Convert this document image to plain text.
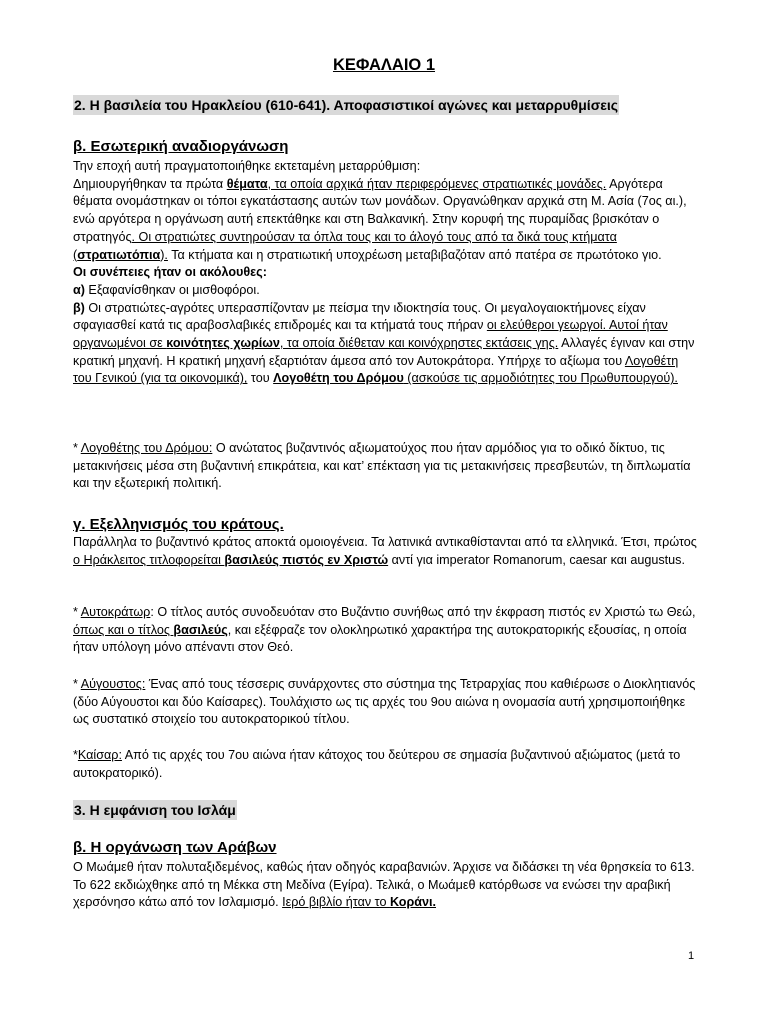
ΚΕΦΑΛΑΙΟ 1
2. Η βασιλεία του Ηρακλείου (610-641). Αποφασιστικοί αγώνες και μεταρρυθμίσεις
β. Εσωτερική αναδιοργάνωση
Την εποχή αυτή πραγματοποιήθηκε εκτεταμένη μεταρρύθμιση:
Δημιουργήθηκαν τα πρώτα θέματα, τα οποία αρχικά ήταν περιφερόμενες στρατιωτικές μονάδες. Αργότερα θέματα ονομάστηκαν οι τόποι εγκατάστασης αυτών των μονάδων. Οργανώθηκαν αρχικά στη Μ. Ασία (7ος αι.), ενώ αργότερα η οργάνωση αυτή επεκτάθηκε και στη Βαλκανική. Στην κορυφή της πυραμίδας βρισκόταν ο στρατηγός. Οι στρατιώτες συντηρούσαν τα όπλα τους και το άλογό τους από τα δικά τους κτήματα (στρατιωτόπια). Τα κτήματα και η στρατιωτική υποχρέωση μεταβιβαζόταν από πατέρα σε πρωτότοκο γιο.
Οι συνέπειες ήταν οι ακόλουθες:
α) Εξαφανίσθηκαν οι μισθοφόροι.
β) Οι στρατιώτες-αγρότες υπερασπίζονταν με πείσμα την ιδιοκτησία τους. Οι μεγαλογαιοκτήμονες είχαν σφαγιασθεί κατά τις αραβοσλαβικές επιδρομές και τα κτήματά τους πήραν οι ελεύθεροι γεωργοί. Αυτοί ήταν οργανωμένοι σε κοινότητες χωρίων, τα οποία διέθεταν και κοινόχρηστες εκτάσεις γης. Αλλαγές έγιναν και στην κρατική μηχανή. Η κρατική μηχανή εξαρτιόταν άμεσα από τον Αυτοκράτορα. Υπήρχε το αξίωμα του Λογοθέτη του Γενικού (για τα οικονομικά), του Λογοθέτη του Δρόμου (ασκούσε τις αρμοδιότητες του Πρωθυπουργού).
* Λογοθέτης του Δρόμου: Ο ανώτατος βυζαντινός αξιωματούχος που ήταν αρμόδιος για το οδικό δίκτυο, τις μετακινήσεις μέσα στη βυζαντινή επικράτεια, και κατ’ επέκταση για τις μετακινήσεις πρεσβευτών, τη διπλωματία και την εξωτερική πολιτική.
γ. Εξελληνισμός του κράτους.
Παράλληλα το βυζαντινό κράτος αποκτά ομοιογένεια. Τα λατινικά αντικαθίστανται από τα ελληνικά. Έτσι, πρώτος ο Ηράκλειτος τιτλοφορείται βασιλεύς πιστός εν Χριστώ αντί για imperator Romanorum, caesar και augustus.
* Αυτοκράτωρ: Ο τίτλος αυτός συνοδευόταν στο Βυζάντιο συνήθως από την έκφραση πιστός εν Χριστώ τω Θεώ, όπως και ο τίτλος βασιλεύς, και εξέφραζε τον ολοκληρωτικό χαρακτήρα της αυτοκρατορικής εξουσίας, η οποία ήταν υπόλογη μόνο απέναντι στον Θεό.
* Αύγουστος: Ένας από τους τέσσερις συνάρχοντες στο σύστημα της Τετραρχίας που καθιέρωσε ο Διοκλητιανός (δύο Αύγουστοι και δύο Καίσαρες). Τουλάχιστο ως τις αρχές του 9ου αιώνα η ονομασία αυτή χρησιμοποιήθηκε ως συστατικό στοιχείο του αυτοκρατορικού τίτλου.
*Καίσαρ: Από τις αρχές του 7ου αιώνα ήταν κάτοχος του δεύτερου σε σημασία βυζαντινού αξιώματος (μετά το αυτοκρατορικό).
3. Η εμφάνιση του Ισλάμ
β. Η οργάνωση των Αράβων
Ο Μωάμεθ ήταν πολυταξιδεμένος, καθώς ήταν οδηγός καραβανιών. Άρχισε να διδάσκει τη νέα θρησκεία το 613. Το 622 εκδιώχθηκε από τη Μέκκα στη Μεδίνα (Εγίρα). Τελικά, ο Μωάμεθ κατόρθωσε να ενώσει την αραβική χερσόνησο κάτω από τον Ισλαμισμό. Ιερό βιβλίο ήταν το Κοράνι.
1
